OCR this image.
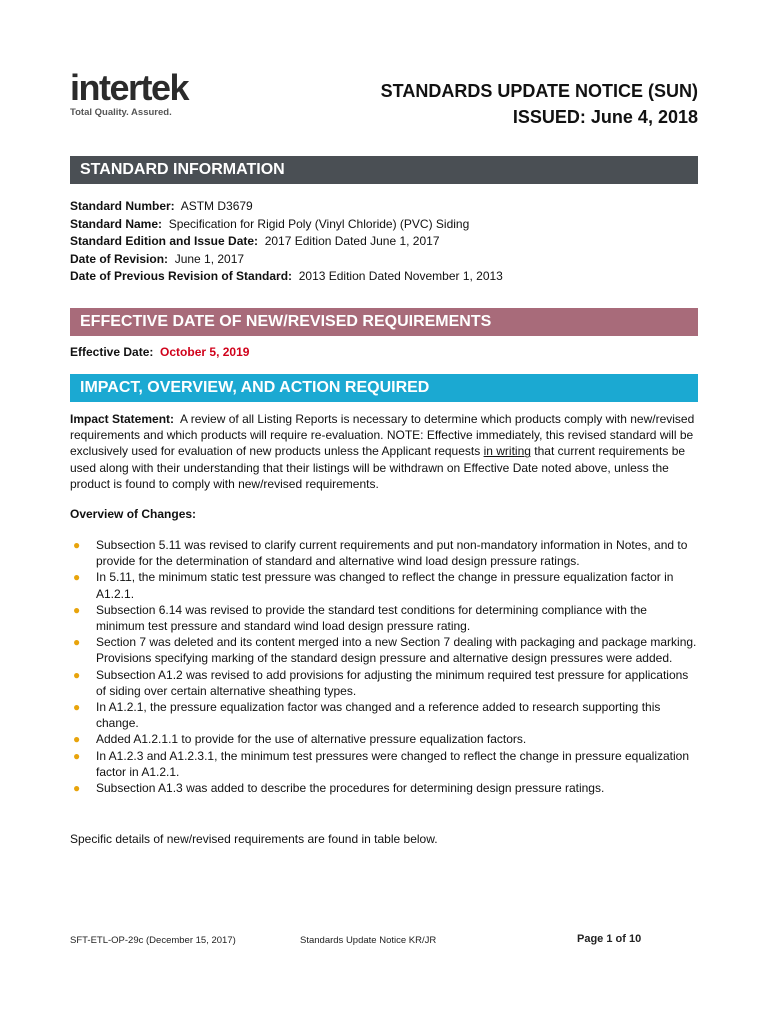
intertek
Total Quality. Assured.
STANDARDS UPDATE NOTICE (SUN)
ISSUED: June 4, 2018
STANDARD INFORMATION
EFFECTIVE DATE OF NEW/REVISED REQUIREMENTS
IMPACT, OVERVIEW, AND ACTION REQUIRED
Standard Number: ASTM D3679
Standard Name: Specification for Rigid Poly (Vinyl Chloride) (PVC) Siding
Standard Edition and Issue Date: 2017 Edition Dated June 1, 2017
Date of Revision: June 1, 2017
Date of Previous Revision of Standard: 2013 Edition Dated November 1, 2013
Effective Date: October 5, 2019
Impact Statement: A review of all Listing Reports is necessary to determine which products comply with new/revised requirements and which products will require re-evaluation. NOTE: Effective immediately, this revised standard will be exclusively used for evaluation of new products unless the Applicant requests in writing that current requirements be used along with their understanding that their listings will be withdrawn on Effective Date noted above, unless the product is found to comply with new/revised requirements.
Overview of Changes:
● Subsection 5.11 was revised to clarify current requirements and put non-mandatory information in Notes, and to provide for the determination of standard and alternative wind load design pressure ratings.
● In 5.11, the minimum static test pressure was changed to reflect the change in pressure equalization factor in A1.2.1.
● Subsection 6.14 was revised to provide the standard test conditions for determining compliance with the minimum test pressure and standard wind load design pressure rating.
● Section 7 was deleted and its content merged into a new Section 7 dealing with packaging and package marking. Provisions specifying marking of the standard design pressure and alternative design pressures were added.
● Subsection A1.2 was revised to add provisions for adjusting the minimum required test pressure for applications of siding over certain alternative sheathing types.
● In A1.2.1, the pressure equalization factor was changed and a reference added to research supporting this change.
● Added A1.2.1.1 to provide for the use of alternative pressure equalization factors.
● In A1.2.3 and A1.2.3.1, the minimum test pressures were changed to reflect the change in pressure equalization factor in A1.2.1.
● Subsection A1.3 was added to describe the procedures for determining design pressure ratings.
Specific details of new/revised requirements are found in table below.
SFT-ETL-OP-29c (December 15, 2017)	Standards Update Notice KR/JR	Page 1 of 10
